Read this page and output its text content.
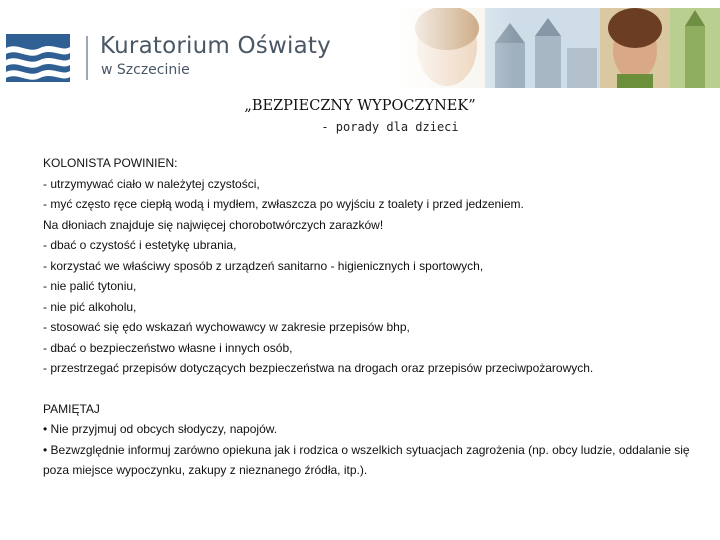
Kuratorium Oświaty
w Szczecinie
„BEZPIECZNY WYPOCZYNEK”
- porady dla dzieci
KOLONISTA POWINIEN:
- utrzymywać ciało w należytej czystości,
- myć często ręce ciepłą wodą i mydłem, zwłaszcza po wyjściu z toalety i przed jedzeniem.
Na dłoniach znajduje się najwięcej chorobotwórczych zarazków!
- dbać o czystość i estetykę ubrania,
- korzystać we właściwy sposób z urządzeń sanitarno - higienicznych i sportowych,
- nie palić tytoniu,
- nie pić alkoholu,
- stosować się ędo wskazań wychowawcy w zakresie przepisów bhp,
- dbać o bezpieczeństwo własne i innych osób,
- przestrzegać przepisów dotyczących bezpieczeństwa na drogach oraz przepisów przeciwpożarowych.
PAMIĘTAJ
• Nie przyjmuj od obcych słodyczy, napojów.
• Bezwzględnie informuj zarówno opiekuna jak i rodzica o wszelkich sytuacjach zagrożenia (np. obcy ludzie, oddalanie się poza miejsce wypoczynku, zakupy z nieznanego źródła, itp.).
